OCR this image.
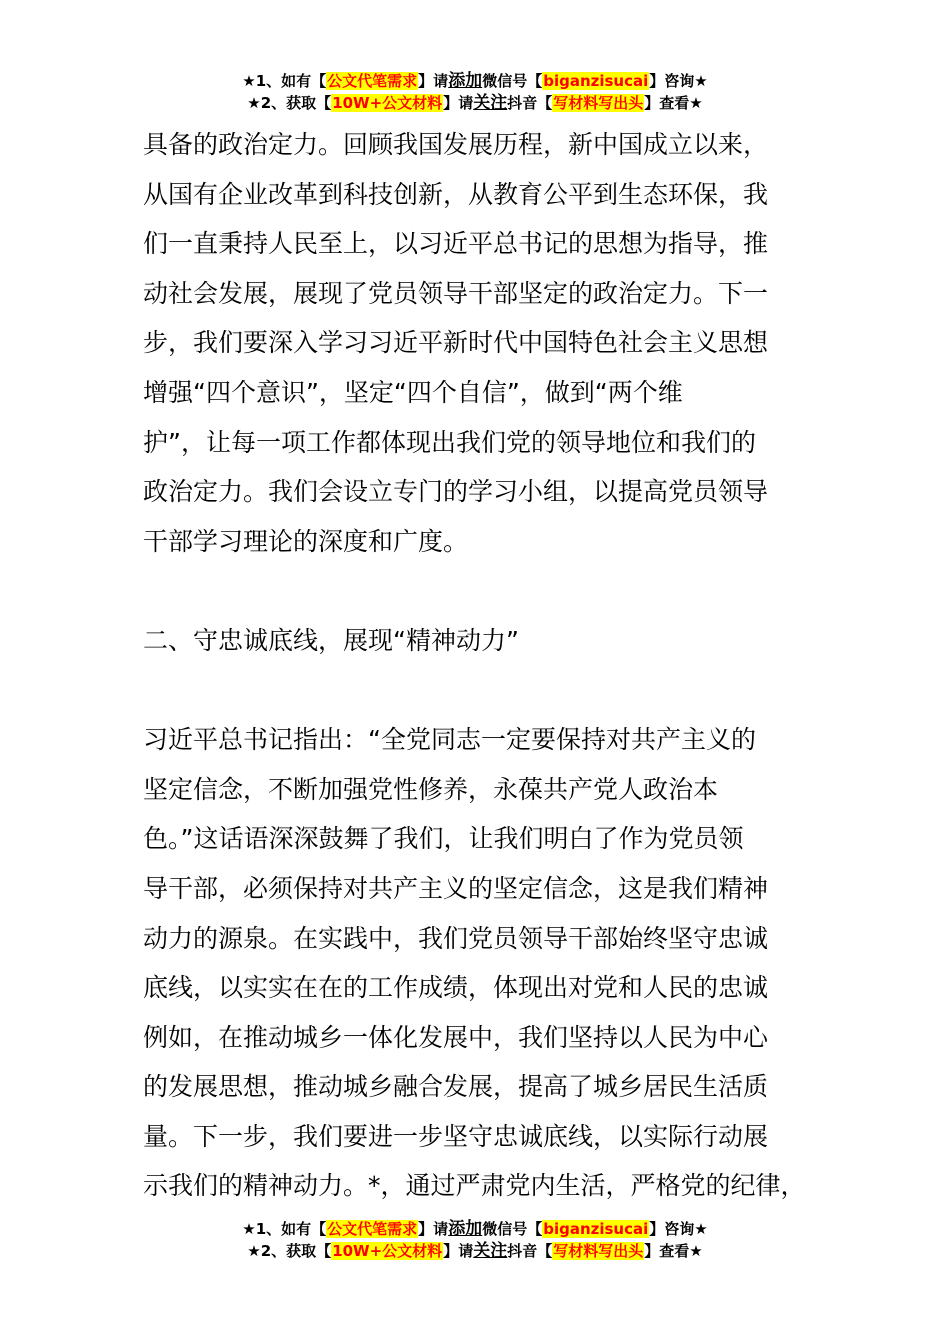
★1、如有【公文代笔需求】请添加微信号【biganzisucai】咨询★
★2、获取【10W+公文材料】请关注抖音【写材料写出头】查看★
具备的政治定力。回顾我国发展历程，新中国成立以来，
从国有企业改革到科技创新，从教育公平到生态环保，我
们一直秉持人民至上，以习近平总书记的思想为指导，推
动社会发展，展现了党员领导干部坚定的政治定力。下一
步，我们要深入学习习近平新时代中国特色社会主义思想
增强“四个意识”，坚定“四个自信”，做到“两个维
护”，让每一项工作都体现出我们党的领导地位和我们的
政治定力。我们会设立专门的学习小组，以提高党员领导
干部学习理论的深度和广度。
二、守忠诚底线，展现“精神动力”
习近平总书记指出：“全党同志一定要保持对共产主义的
坚定信念，不断加强党性修养，永葆共产党人政治本
色。”这话语深深鼓舞了我们，让我们明白了作为党员领
导干部，必须保持对共产主义的坚定信念，这是我们精神
动力的源泉。在实践中，我们党员领导干部始终坚守忠诚
底线，以实实在在的工作成绩，体现出对党和人民的忠诚
例如，在推动城乡一体化发展中，我们坚持以人民为中心
的发展思想，推动城乡融合发展，提高了城乡居民生活质
量。下一步，我们要进一步坚守忠诚底线，以实际行动展
示我们的精神动力。*，通过严肃党内生活，严格党的纪律，
★1、如有【公文代笔需求】请添加微信号【biganzisucai】咨询★
★2、获取【10W+公文材料】请关注抖音【写材料写出头】查看★
